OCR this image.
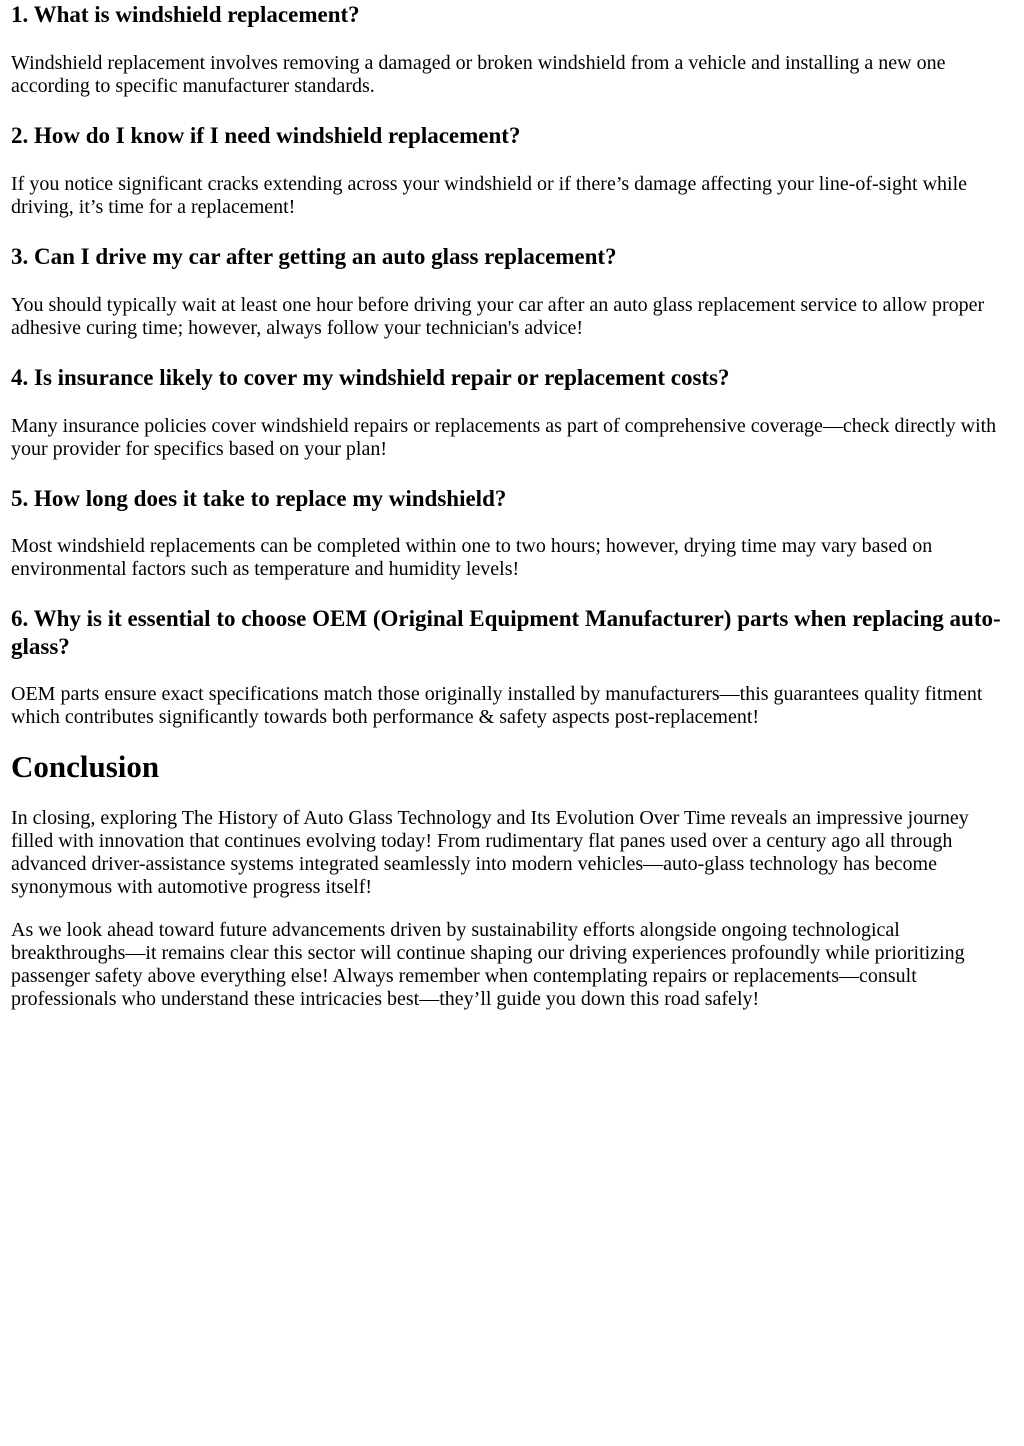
1. What is windshield replacement?

Windshield replacement involves removing a damaged or broken windshield from a vehicle and installing a new one according to specific manufacturer standards.

2. How do I know if I need windshield replacement?

If you notice significant cracks extending across your windshield or if there’s damage affecting your line-of-sight while driving, it’s time for a replacement!

3. Can I drive my car after getting an auto glass replacement?

You should typically wait at least one hour before driving your car after an auto glass replacement service to allow proper adhesive curing time; however, always follow your technician's advice!

4. Is insurance likely to cover my windshield repair or replacement costs?

Many insurance policies cover windshield repairs or replacements as part of comprehensive coverage—check directly with your provider for specifics based on your plan!

5. How long does it take to replace my windshield?

Most windshield replacements can be completed within one to two hours; however, drying time may vary based on environmental factors such as temperature and humidity levels!

6. Why is it essential to choose OEM (Original Equipment Manufacturer) parts when replacing auto-glass?

OEM parts ensure exact specifications match those originally installed by manufacturers—this guarantees quality fitment which contributes significantly towards both performance & safety aspects post-replacement!

Conclusion

In closing, exploring The History of Auto Glass Technology and Its Evolution Over Time reveals an impressive journey filled with innovation that continues evolving today! From rudimentary flat panes used over a century ago all through advanced driver-assistance systems integrated seamlessly into modern vehicles—auto-glass technology has become synonymous with automotive progress itself!

As we look ahead toward future advancements driven by sustainability efforts alongside ongoing technological breakthroughs—it remains clear this sector will continue shaping our driving experiences profoundly while prioritizing passenger safety above everything else! Always remember when contemplating repairs or replacements—consult professionals who understand these intricacies best—they’ll guide you down this road safely!
